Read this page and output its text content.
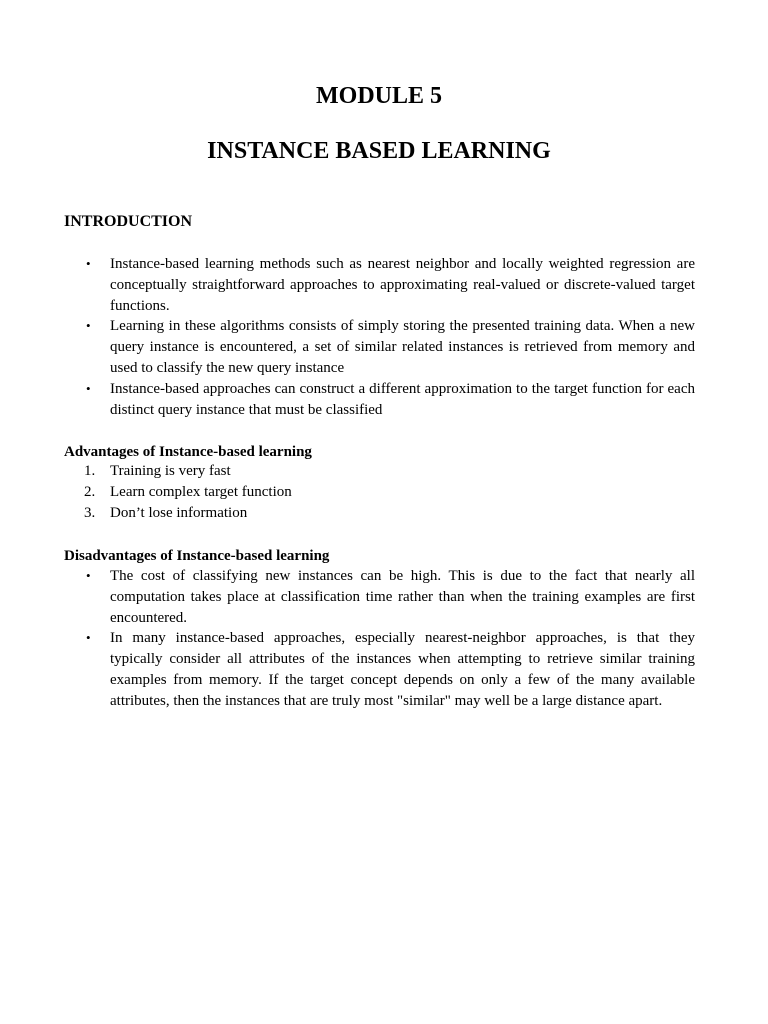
MODULE 5
INSTANCE BASED LEARNING
INTRODUCTION
• Instance-based learning methods such as nearest neighbor and locally weighted regression are conceptually straightforward approaches to approximating real-valued or discrete-valued target functions.
• Learning in these algorithms consists of simply storing the presented training data. When a new query instance is encountered, a set of similar related instances is retrieved from memory and used to classify the new query instance
• Instance-based approaches can construct a different approximation to the target function for each distinct query instance that must be classified
Advantages of Instance-based learning
1. Training is very fast
2. Learn complex target function
3. Don’t lose information
Disadvantages of Instance-based learning
• The cost of classifying new instances can be high. This is due to the fact that nearly all computation takes place at classification time rather than when the training examples are first encountered.
• In many instance-based approaches, especially nearest-neighbor approaches, is that they typically consider all attributes of the instances when attempting to retrieve similar training examples from memory. If the target concept depends on only a few of the many available attributes, then the instances that are truly most "similar" may well be a large distance apart.
